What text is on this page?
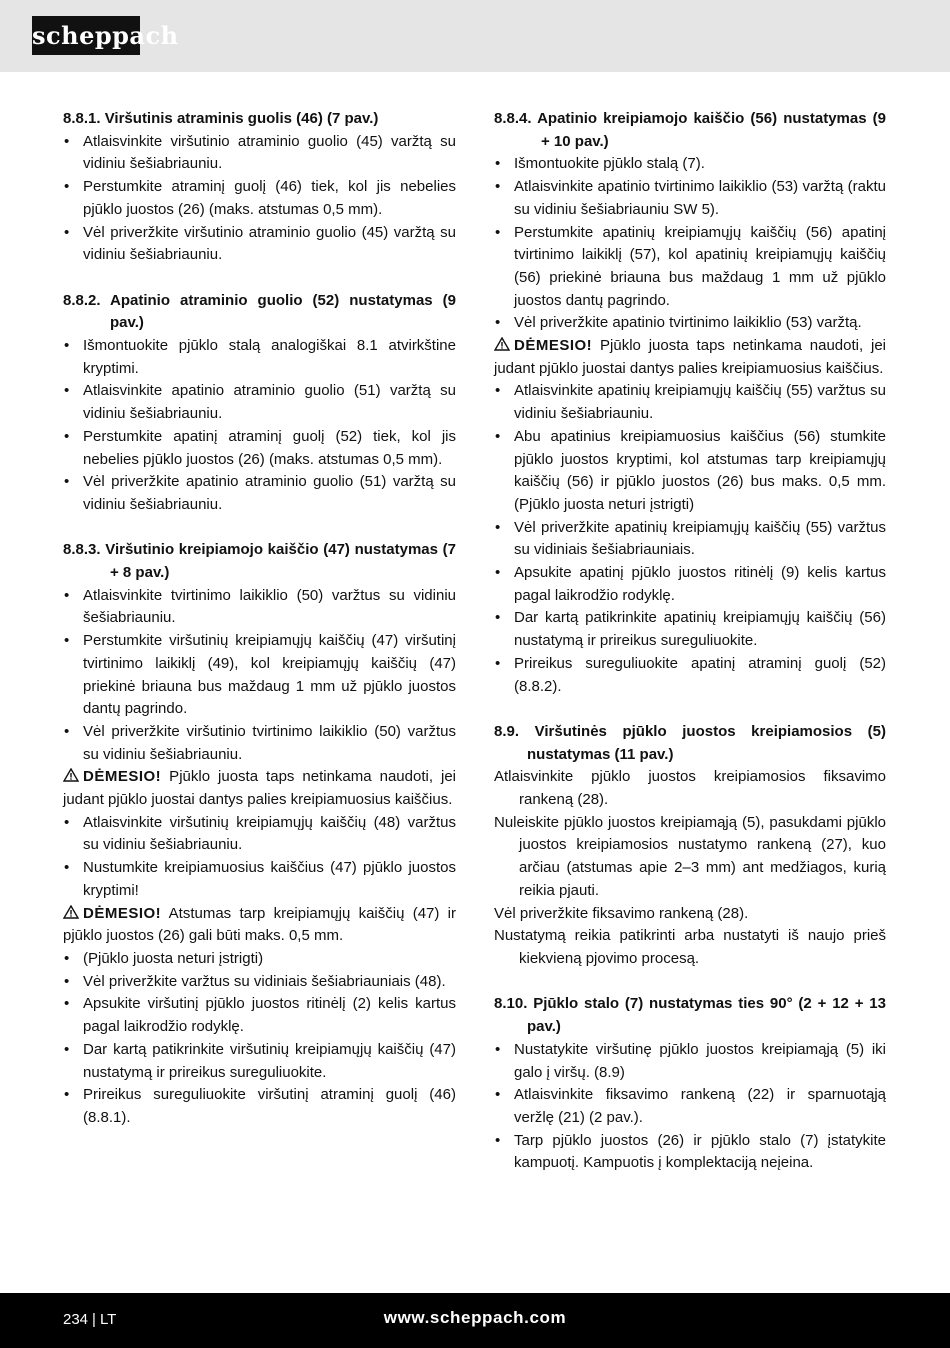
scheppach
8.8.1. Viršutinis atraminis guolis (46) (7 pav.)
• Atlaisvinkite viršutinio atraminio guolio (45) varžtą su vidiniu šešiabriauniu.
• Perstumkite atraminį guolį (46) tiek, kol jis nebelies pjūklo juostos (26) (maks. atstumas 0,5 mm).
• Vėl priveržkite viršutinio atraminio guolio (45) varžtą su vidiniu šešiabriauniu.
8.8.2. Apatinio atraminio guolio (52) nustatymas (9 pav.)
• Išmontuokite pjūklo stalą analogiškai 8.1 atvirkštine kryptimi.
• Atlaisvinkite apatinio atraminio guolio (51) varžtą su vidiniu šešiabriauniu.
• Perstumkite apatinį atraminį guolį (52) tiek, kol jis nebelies pjūklo juostos (26) (maks. atstumas 0,5 mm).
• Vėl priveržkite apatinio atraminio guolio (51) varžtą su vidiniu šešiabriauniu.
8.8.3. Viršutinio kreipiamojo kaiščio (47) nustatymas (7 + 8 pav.)
• Atlaisvinkite tvirtinimo laikiklio (50) varžtus su vidiniu šešiabriauniu.
• Perstumkite viršutinių kreipiamųjų kaiščių (47) viršutinį tvirtinimo laikiklį (49), kol kreipiamųjų kaiščių (47) priekinė briauna bus maždaug 1 mm už pjūklo juostos dantų pagrindo.
• Vėl priveržkite viršutinio tvirtinimo laikiklio (50) varžtus su vidiniu šešiabriauniu.
DĖMESIO! Pjūklo juosta taps netinkama naudoti, jei judant pjūklo juostai dantys palies kreipiamuosius kaiščius.
• Atlaisvinkite viršutinių kreipiamųjų kaiščių (48) varžtus su vidiniu šešiabriauniu.
• Nustumkite kreipiamuosius kaiščius (47) pjūklo juostos kryptimi!
DĖMESIO! Atstumas tarp kreipiamųjų kaiščių (47) ir pjūklo juostos (26) gali būti maks. 0,5 mm.
• (Pjūklo juosta neturi įstrigti)
• Vėl priveržkite varžtus su vidiniais šešiabriauniais (48).
• Apsukite viršutinį pjūklo juostos ritinėlį (2) kelis kartus pagal laikrodžio rodyklę.
• Dar kartą patikrinkite viršutinių kreipiamųjų kaiščių (47) nustatymą ir prireikus sureguliuokite.
• Prireikus sureguliuokite viršutinį atraminį guolį (46) (8.8.1).
8.8.4. Apatinio kreipiamojo kaiščio (56) nustatymas (9 + 10 pav.)
• Išmontuokite pjūklo stalą (7).
• Atlaisvinkite apatinio tvirtinimo laikiklio (53) varžtą (raktu su vidiniu šešiabriauniu SW 5).
• Perstumkite apatinių kreipiamųjų kaiščių (56) apatinį tvirtinimo laikiklį (57), kol apatinių kreipiamųjų kaiščių (56) priekinė briauna bus maždaug 1 mm už pjūklo juostos dantų pagrindo.
• Vėl priveržkite apatinio tvirtinimo laikiklio (53) varžtą.
DĖMESIO! Pjūklo juosta taps netinkama naudoti, jei judant pjūklo juostai dantys palies kreipiamuosius kaiščius.
• Atlaisvinkite apatinių kreipiamųjų kaiščių (55) varžtus su vidiniu šešiabriauniu.
• Abu apatinius kreipiamuosius kaiščius (56) stumkite pjūklo juostos kryptimi, kol atstumas tarp kreipiamųjų kaiščių (56) ir pjūklo juostos (26) bus maks. 0,5 mm. (Pjūklo juosta neturi įstrigti)
• Vėl priveržkite apatinių kreipiamųjų kaiščių (55) varžtus su vidiniais šešiabriauniais.
• Apsukite apatinį pjūklo juostos ritinėlį (9) kelis kartus pagal laikrodžio rodyklę.
• Dar kartą patikrinkite apatinių kreipiamųjų kaiščių (56) nustatymą ir prireikus sureguliuokite.
• Prireikus sureguliuokite apatinį atraminį guolį (52) (8.8.2).
8.9. Viršutinės pjūklo juostos kreipiamosios (5) nustatymas (11 pav.)
Atlaisvinkite pjūklo juostos kreipiamosios fiksavimo rankeną (28).
Nuleiskite pjūklo juostos kreipiamąją (5), pasukdami pjūklo juostos kreipiamosios nustatymo rankeną (27), kuo arčiau (atstumas apie 2–3 mm) ant medžiagos, kurią reikia pjauti.
Vėl priveržkite fiksavimo rankeną (28).
Nustatymą reikia patikrinti arba nustatyti iš naujo prieš kiekvieną pjovimo procesą.
8.10. Pjūklo stalo (7) nustatymas ties 90° (2 + 12 + 13 pav.)
• Nustatykite viršutinę pjūklo juostos kreipiamąją (5) iki galo į viršų. (8.9)
• Atlaisvinkite fiksavimo rankeną (22) ir sparnuotąją veržlę (21) (2 pav.).
• Tarp pjūklo juostos (26) ir pjūklo stalo (7) įstatykite kampuotį. Kampuotis į komplektaciją neįeina.
234 | LT	www.scheppach.com
